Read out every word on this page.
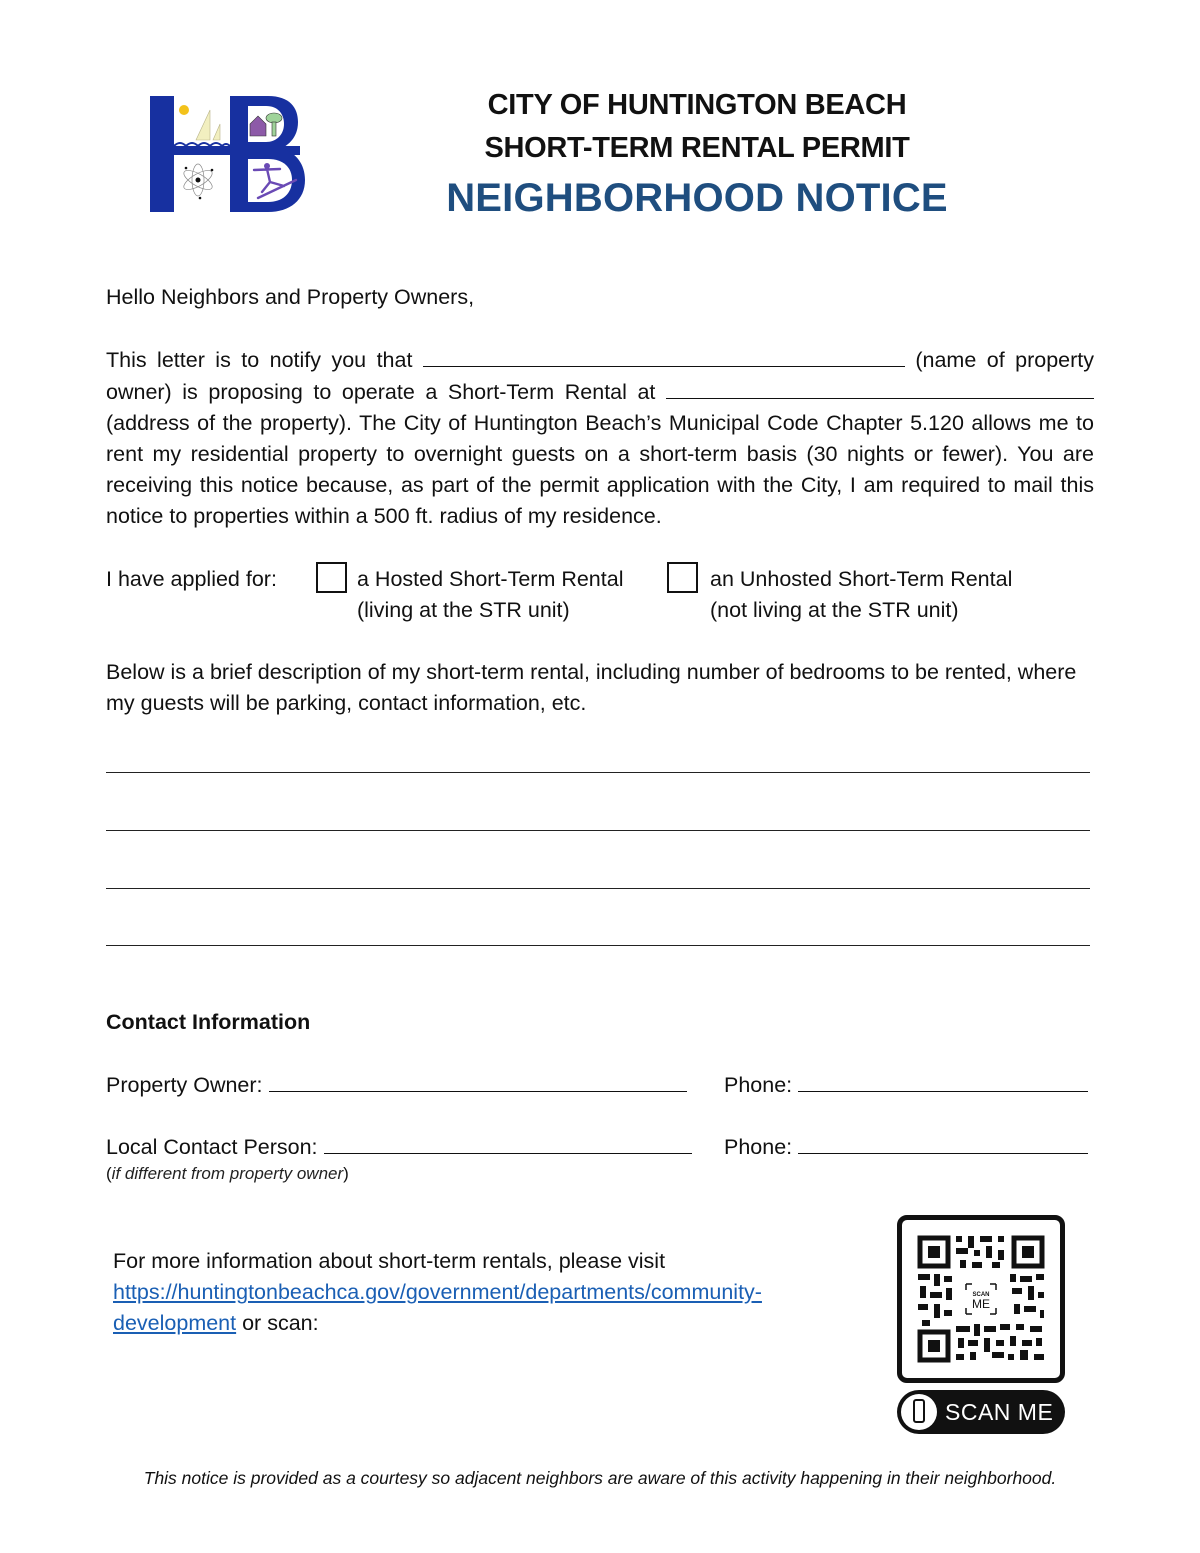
CITY OF HUNTINGTON BEACH
SHORT-TERM RENTAL PERMIT
NEIGHBORHOOD NOTICE
Hello Neighbors and Property Owners,
This letter is to notify you that	(name of property owner) is proposing to operate a Short-Term Rental at  (address of the property). The City of Huntington Beach’s Municipal Code Chapter 5.120 allows me to rent my residential property to overnight guests on a short-term basis (30 nights or fewer). You are receiving this notice because, as part of the permit application with the City, I am required to mail this notice to properties within a 500 ft. radius of my residence.
I have applied for:	a Hosted Short-Term Rental
(living at the STR unit)
an Unhosted Short-Term Rental
(not living at the STR unit)
Below is a brief description of my short-term rental, including number of bedrooms to be rented, where my guests will be parking, contact information, etc.
Contact Information
Property Owner:	Phone:
Local Contact Person:	Phone:
(if different from property owner)
For more information about short-term rentals, please visit
https://huntingtonbeachca.gov/government/departments/community-
development or scan:
SCAN
ME
SCAN ME
This notice is provided as a courtesy so adjacent neighbors are aware of this activity happening in their neighborhood.
